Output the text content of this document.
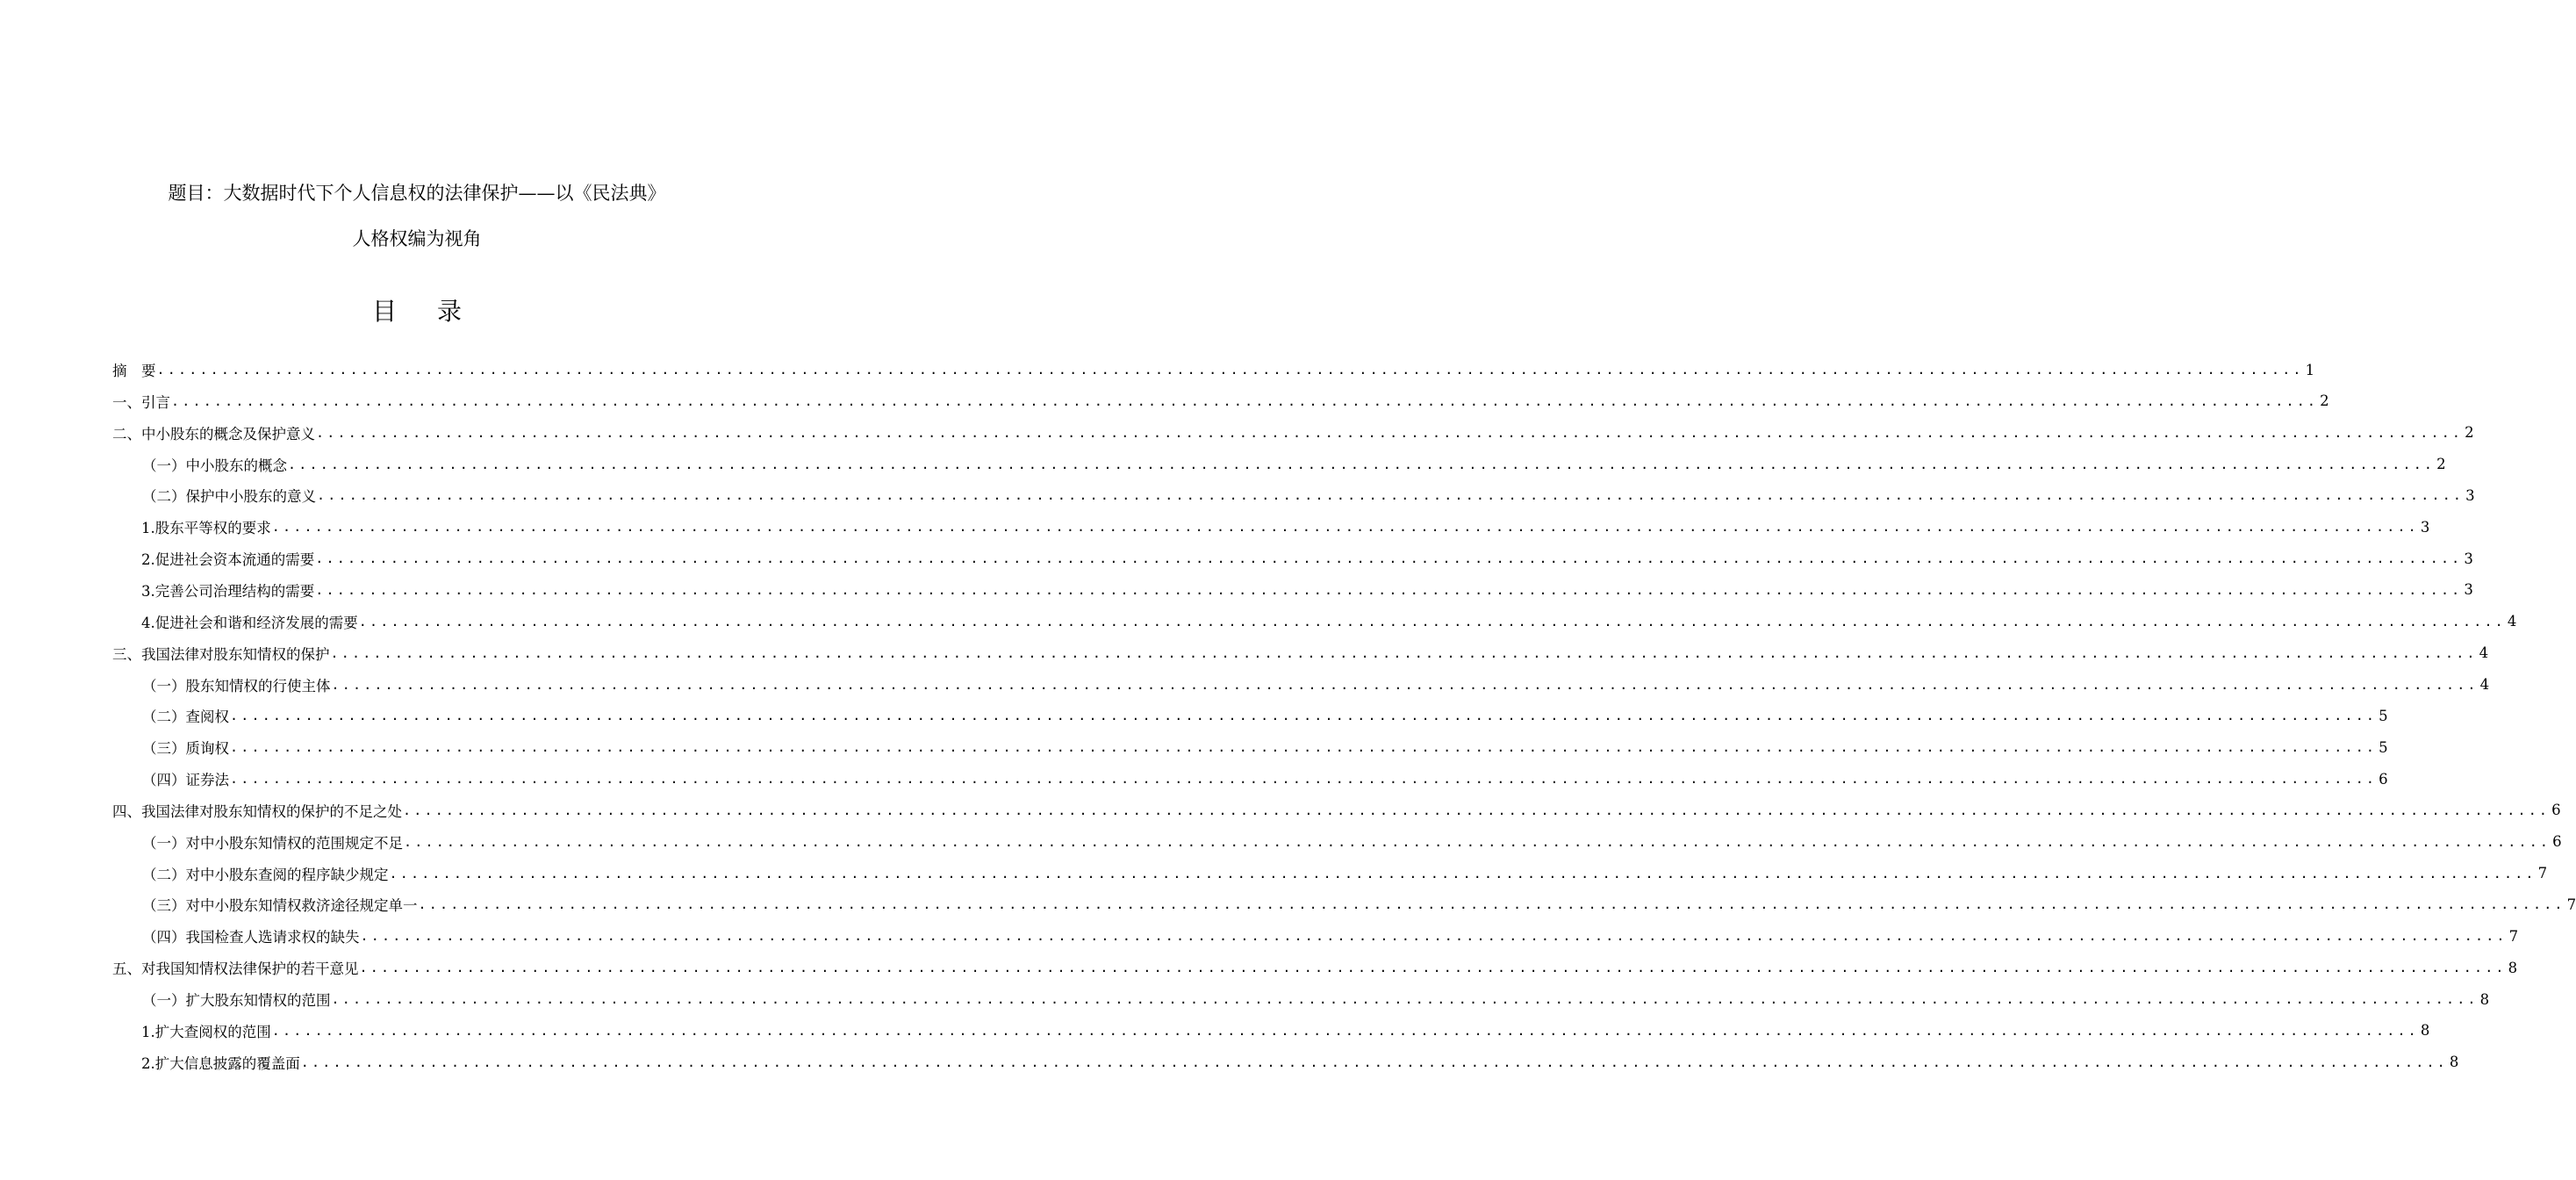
题目：大数据时代下个人信息权的法律保护——以《民法典》
人格权编为视角
目 录
摘　要 ........................................................................................................................................................................................................ 1
一、引言 ........................................................................................................................................................................................................ 2
二、中小股东的概念及保护意义 ........................................................................................................................................................................................................ 2
（一）中小股东的概念 ........................................................................................................................................................................................................ 2
（二）保护中小股东的意义 ........................................................................................................................................................................................................ 3
1.股东平等权的要求 ........................................................................................................................................................................................................ 3
2.促进社会资本流通的需要 ........................................................................................................................................................................................................ 3
3.完善公司治理结构的需要 ........................................................................................................................................................................................................ 3
4.促进社会和谐和经济发展的需要 ........................................................................................................................................................................................................ 4
三、我国法律对股东知情权的保护 ........................................................................................................................................................................................................ 4
（一）股东知情权的行使主体 ........................................................................................................................................................................................................ 4
（二）查阅权 ........................................................................................................................................................................................................ 5
（三）质询权 ........................................................................................................................................................................................................ 5
（四）证券法 ........................................................................................................................................................................................................ 6
四、我国法律对股东知情权的保护的不足之处 ........................................................................................................................................................................................................ 6
（一）对中小股东知情权的范围规定不足 ........................................................................................................................................................................................................ 6
（二）对中小股东查阅的程序缺少规定 ........................................................................................................................................................................................................ 7
（三）对中小股东知情权救济途径规定单一 ........................................................................................................................................................................................................ 7
（四）我国检查人选请求权的缺失 ........................................................................................................................................................................................................ 7
五、对我国知情权法律保护的若干意见 ........................................................................................................................................................................................................ 8
（一）扩大股东知情权的范围 ........................................................................................................................................................................................................ 8
1.扩大查阅权的范围 ........................................................................................................................................................................................................ 8
2.扩大信息披露的覆盖面 ........................................................................................................................................................................................................ 8
